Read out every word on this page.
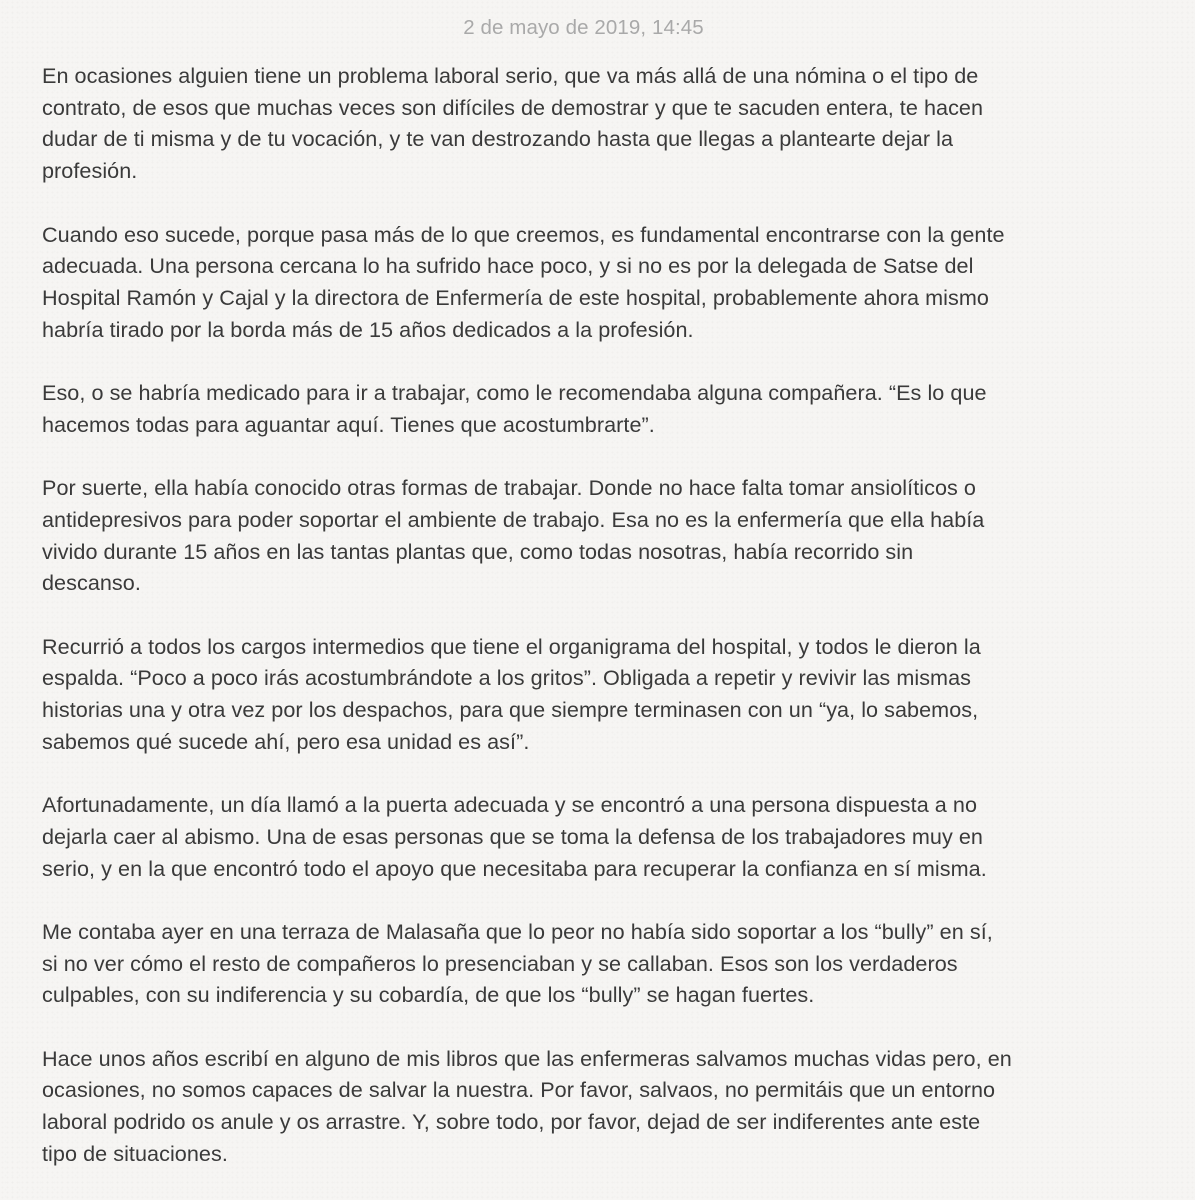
2 de mayo de 2019, 14:45

En ocasiones alguien tiene un problema laboral serio, que va más allá de una nómina o el tipo de
contrato, de esos que muchas veces son difíciles de demostrar y que te sacuden entera, te hacen
dudar de ti misma y de tu vocación, y te van destrozando hasta que llegas a plantearte dejar la
profesión.

Cuando eso sucede, porque pasa más de lo que creemos, es fundamental encontrarse con la gente
adecuada. Una persona cercana lo ha sufrido hace poco, y si no es por la delegada de Satse del
Hospital Ramón y Cajal y la directora de Enfermería de este hospital, probablemente ahora mismo
habría tirado por la borda más de 15 años dedicados a la profesión.

Eso, o se habría medicado para ir a trabajar, como le recomendaba alguna compañera. “Es lo que
hacemos todas para aguantar aquí. Tienes que acostumbrarte”.

Por suerte, ella había conocido otras formas de trabajar. Donde no hace falta tomar ansiolíticos o
antidepresivos para poder soportar el ambiente de trabajo. Esa no es la enfermería que ella había
vivido durante 15 años en las tantas plantas que, como todas nosotras, había recorrido sin
descanso.

Recurrió a todos los cargos intermedios que tiene el organigrama del hospital, y todos le dieron la
espalda. “Poco a poco irás acostumbrándote a los gritos”. Obligada a repetir y revivir las mismas
historias una y otra vez por los despachos, para que siempre terminasen con un “ya, lo sabemos,
sabemos qué sucede ahí, pero esa unidad es así”.

Afortunadamente, un día llamó a la puerta adecuada y se encontró a una persona dispuesta a no
dejarla caer al abismo. Una de esas personas que se toma la defensa de los trabajadores muy en
serio, y en la que encontró todo el apoyo que necesitaba para recuperar la confianza en sí misma.

Me contaba ayer en una terraza de Malasaña que lo peor no había sido soportar a los “bully” en sí,
si no ver cómo el resto de compañeros lo presenciaban y se callaban. Esos son los verdaderos
culpables, con su indiferencia y su cobardía, de que los “bully” se hagan fuertes.

Hace unos años escribí en alguno de mis libros que las enfermeras salvamos muchas vidas pero, en
ocasiones, no somos capaces de salvar la nuestra. Por favor, salvaos, no permitáis que un entorno
laboral podrido os anule y os arrastre. Y, sobre todo, por favor, dejad de ser indiferentes ante este
tipo de situaciones.
